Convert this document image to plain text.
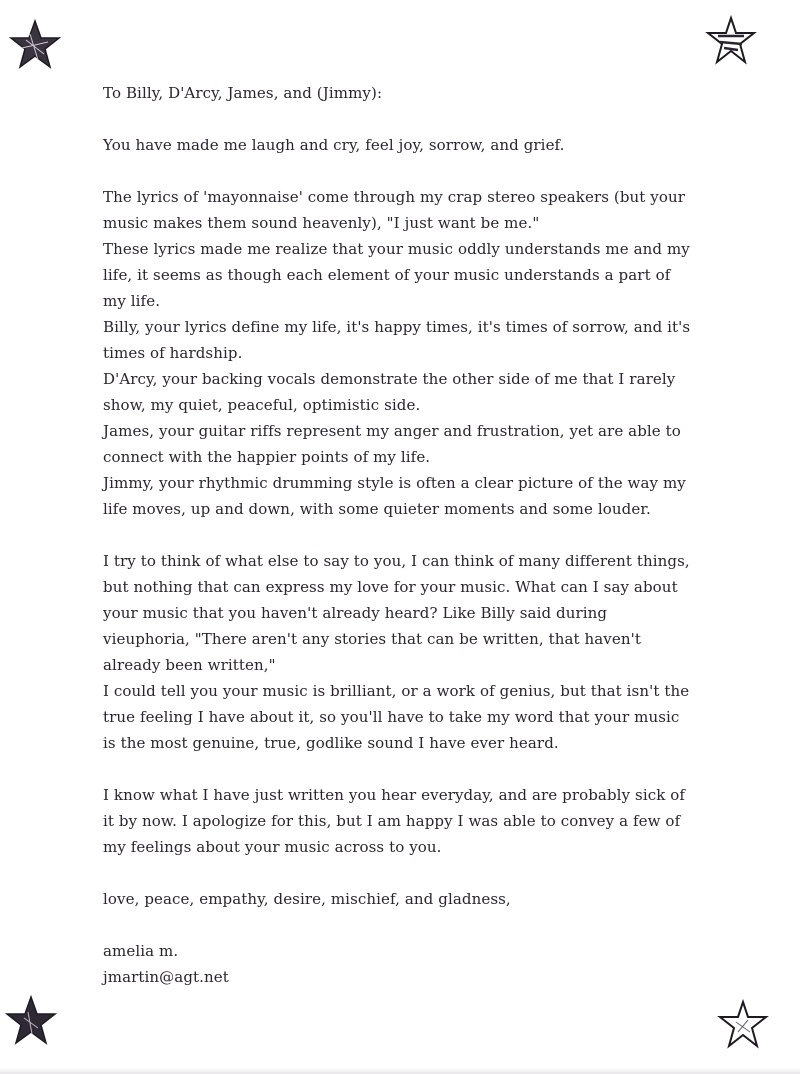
To Billy, D'Arcy, James, and (Jimmy):

You have made me laugh and cry, feel joy, sorrow, and grief.

The lyrics of 'mayonnaise' come through my crap stereo speakers (but your music makes them sound heavenly), "I just want be me."

These lyrics made me realize that your music oddly understands me and my life, it seems as though each element of your music understands a part of my life.

Billy, your lyrics define my life, it's happy times, it's times of sorrow, and it's times of hardship.

D'Arcy, your backing vocals demonstrate the other side of me that I rarely show, my quiet, peaceful, optimistic side.

James, your guitar riffs represent my anger and frustration, yet are able to connect with the happier points of my life.

Jimmy, your rhythmic drumming style is often a clear picture of the way my life moves, up and down, with some quieter moments and some louder.

I try to think of what else to say to you, I can think of many different things, but nothing that can express my love for your music. What can I say about your music that you haven't already heard? Like Billy said during vieuphoria, "There aren't any stories that can be written, that haven't already been written,"

I could tell you your music is brilliant, or a work of genius, but that isn't the true feeling I have about it, so you'll have to take my word that your music is the most genuine, true, godlike sound I have ever heard.

I know what I have just written you hear everyday, and are probably sick of it by now. I apologize for this, but I am happy I was able to convey a few of my feelings about your music across to you.

love, peace, empathy, desire, mischief, and gladness,

amelia m.

jmartin@agt.net
